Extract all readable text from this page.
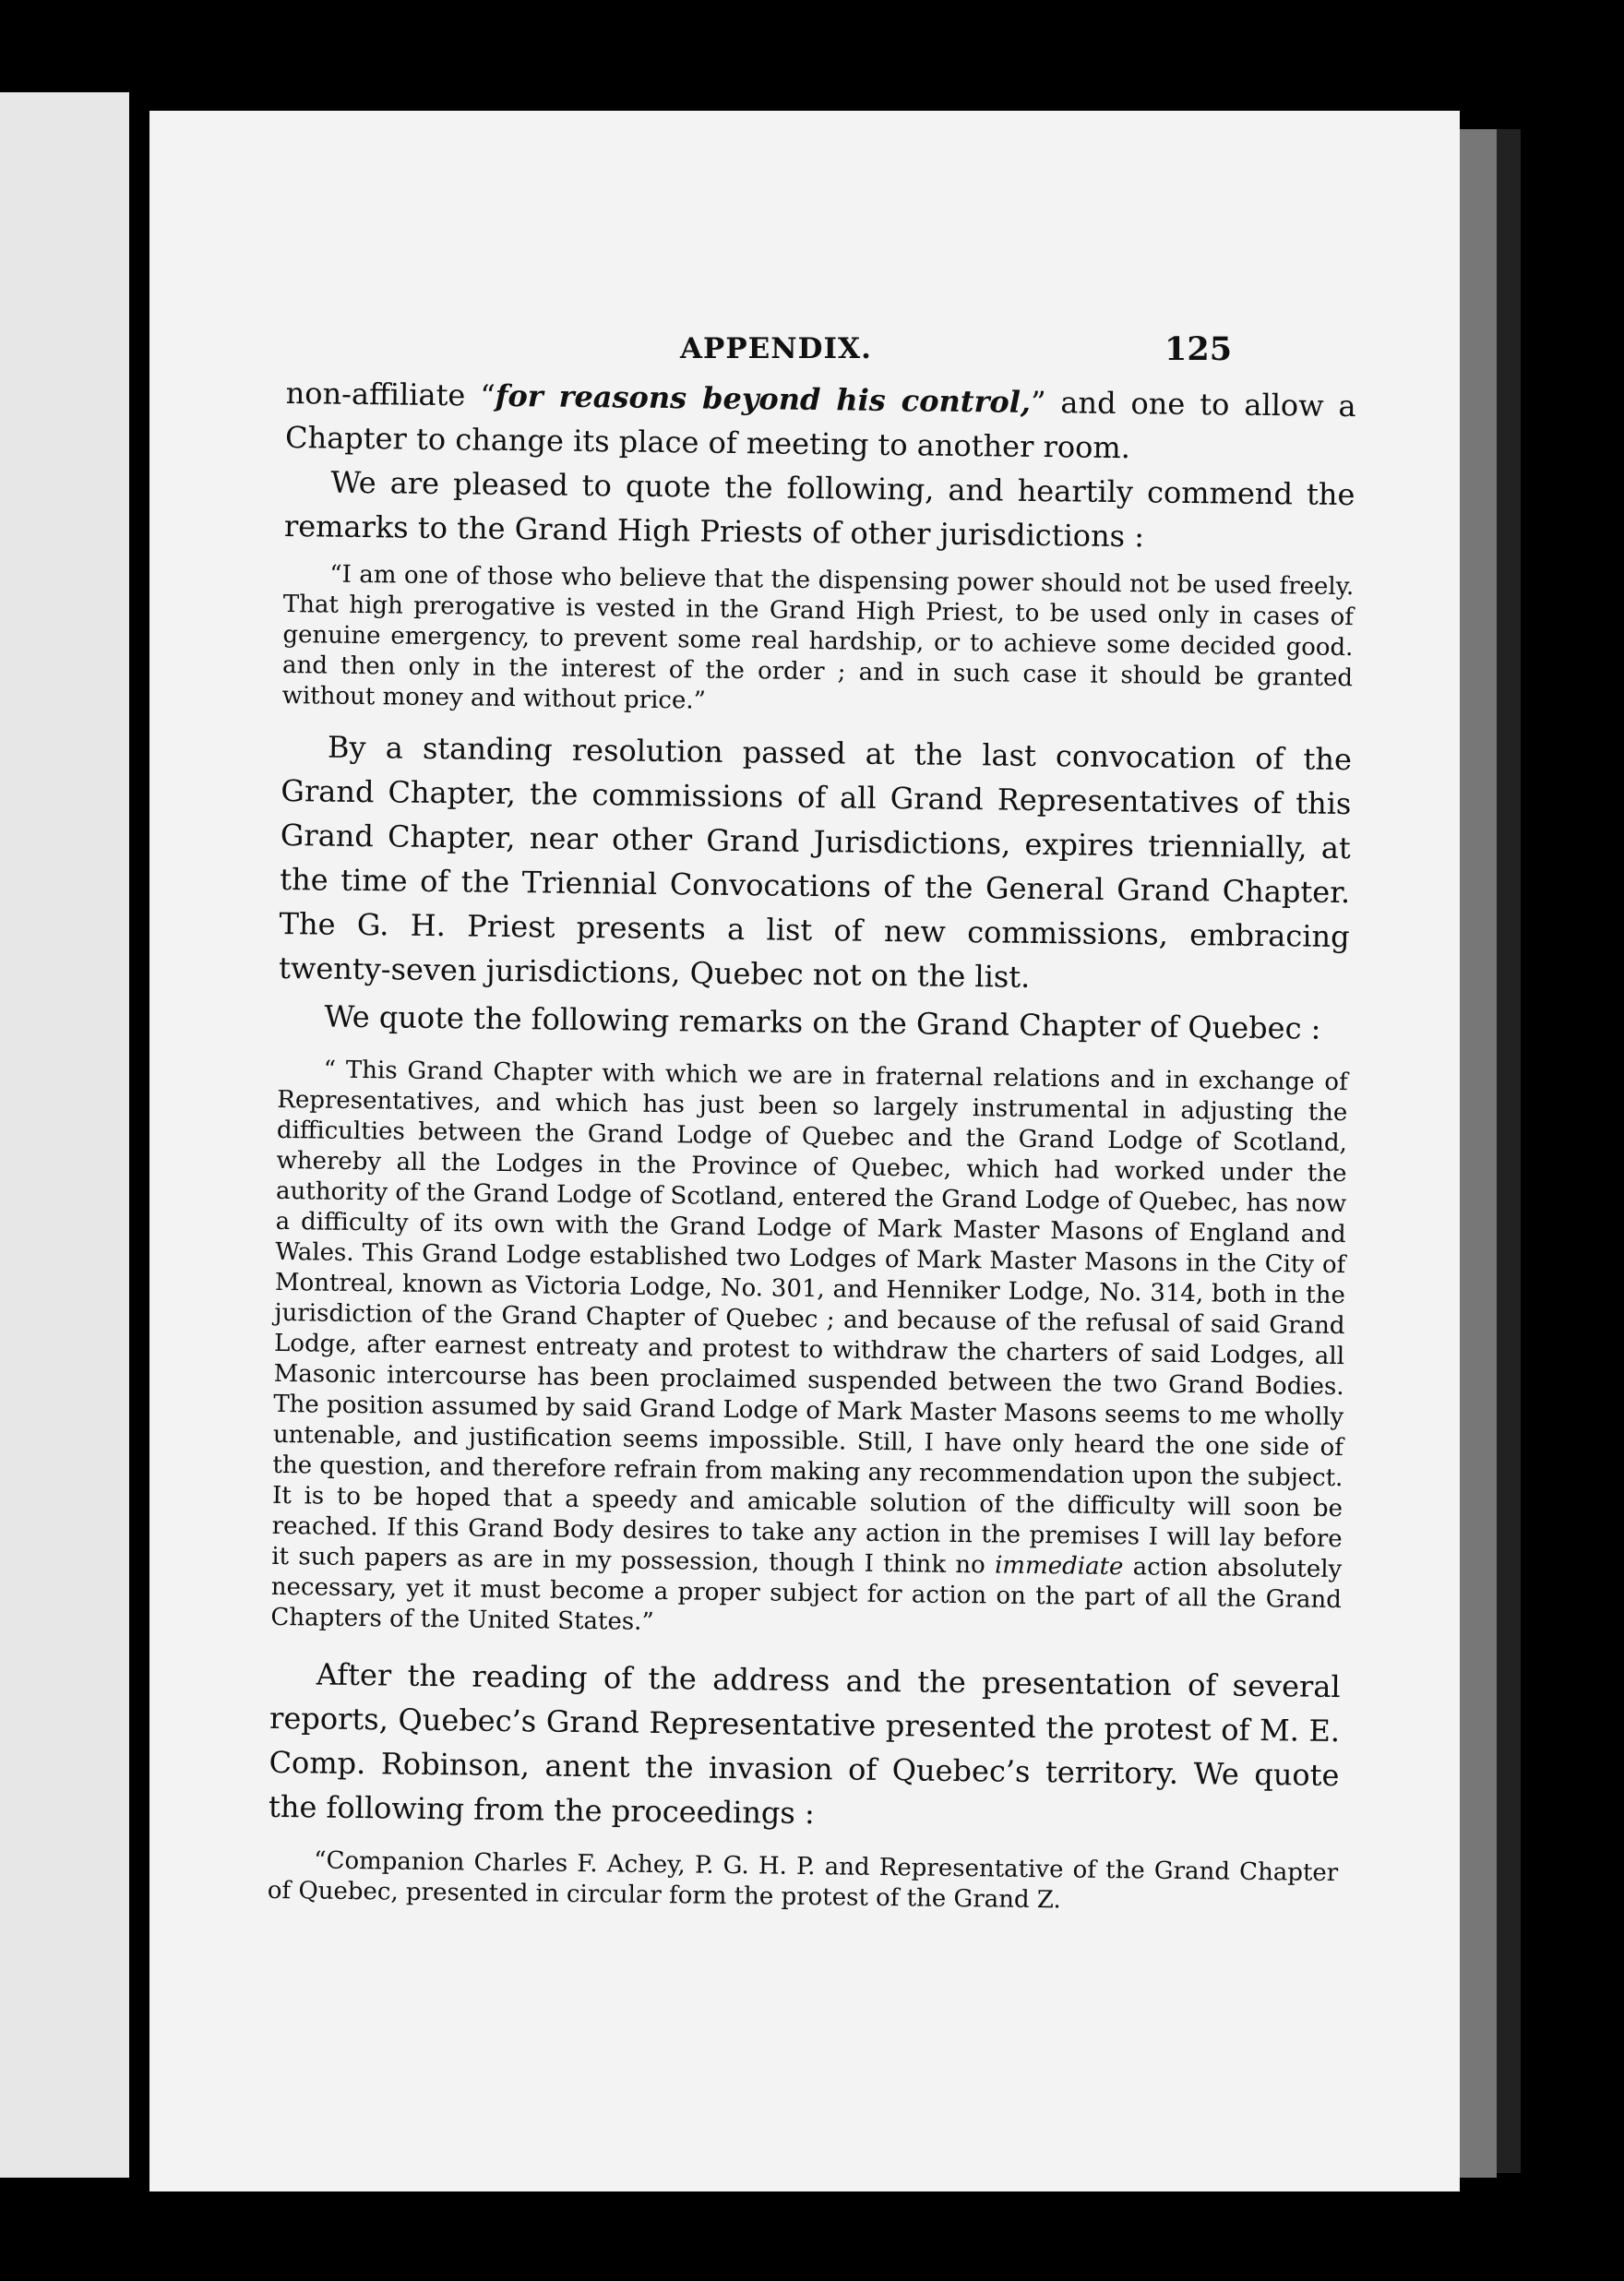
APPENDIX.	125

non-affiliate “for reasons beyond his control,” and one to allow a Chapter to change its place of meeting to another room.

We are pleased to quote the following, and heartily commend the remarks to the Grand High Priests of other jurisdictions :

“I am one of those who believe that the dispensing power should not be used freely. That high prerogative is vested in the Grand High Priest, to be used only in cases of genuine emergency, to prevent some real hardship, or to achieve some decided good. and then only in the interest of the order ; and in such case it should be granted without money and without price.”

By a standing resolution passed at the last convocation of the Grand Chapter, the commissions of all Grand Representatives of this Grand Chapter, near other Grand Jurisdictions, expires triennially, at the time of the Triennial Convocations of the General Grand Chapter. The G. H. Priest presents a list of new commissions, embracing twenty-seven jurisdictions, Quebec not on the list.

We quote the following remarks on the Grand Chapter of Quebec :

“ This Grand Chapter with which we are in fraternal relations and in exchange of Representatives, and which has just been so largely instrumental in adjusting the difficulties between the Grand Lodge of Quebec and the Grand Lodge of Scotland, whereby all the Lodges in the Province of Quebec, which had worked under the authority of the Grand Lodge of Scotland, entered the Grand Lodge of Quebec, has now a difficulty of its own with the Grand Lodge of Mark Master Masons of England and Wales. This Grand Lodge established two Lodges of Mark Master Masons in the City of Montreal, known as Victoria Lodge, No. 301, and Henniker Lodge, No. 314, both in the jurisdiction of the Grand Chapter of Quebec ; and because of the refusal of said Grand Lodge, after earnest entreaty and protest to withdraw the charters of said Lodges, all Masonic intercourse has been proclaimed suspended between the two Grand Bodies. The position assumed by said Grand Lodge of Mark Master Masons seems to me wholly untenable, and justification seems impossible. Still, I have only heard the one side of the question, and therefore refrain from making any recommendation upon the subject. It is to be hoped that a speedy and amicable solution of the difficulty will soon be reached. If this Grand Body desires to take any action in the premises I will lay before it such papers as are in my possession, though I think no immediate action absolutely necessary, yet it must become a proper subject for action on the part of all the Grand Chapters of the United States.”

After the reading of the address and the presentation of several reports, Quebec’s Grand Representative presented the protest of M. E. Comp. Robinson, anent the invasion of Quebec’s territory. We quote the following from the proceedings :

“Companion Charles F. Achey, P. G. H. P. and Representative of the Grand Chapter of Quebec, presented in circular form the protest of the Grand Z.
